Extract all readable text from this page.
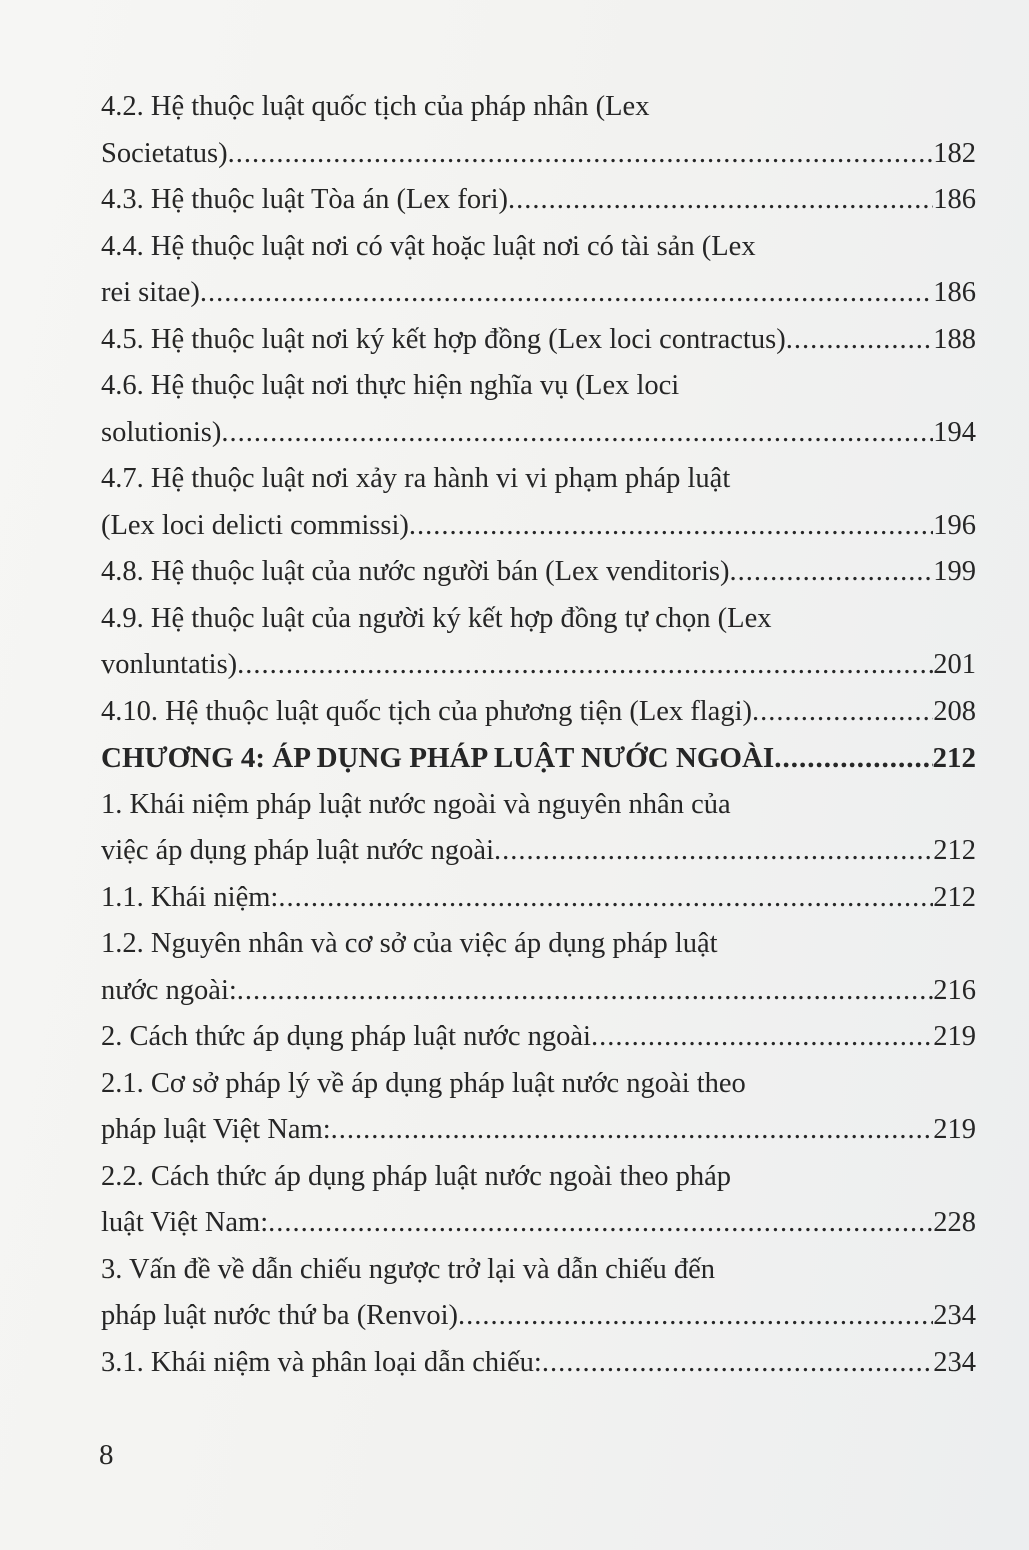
4.2. Hệ thuộc luật quốc tịch của pháp nhân (Lex
Societatus) .....	182
4.3. Hệ thuộc luật Tòa án (Lex fori) .....	186
4.4. Hệ thuộc luật nơi có vật hoặc luật nơi có tài sản (Lex
rei sitae) .....	186
4.5. Hệ thuộc luật nơi ký kết hợp đồng (Lex loci contractus) .....	188
4.6. Hệ thuộc luật nơi thực hiện nghĩa vụ (Lex loci
solutionis) .....	194
4.7. Hệ thuộc luật nơi xảy ra hành vi vi phạm pháp luật
(Lex loci delicti commissi) .....	196
4.8. Hệ thuộc luật của nước người bán (Lex venditoris) .....	199
4.9. Hệ thuộc luật của người ký kết hợp đồng tự chọn (Lex
vonluntatis) .....	201
4.10. Hệ thuộc luật quốc tịch của phương tiện (Lex flagi) .....	208
CHƯƠNG 4: ÁP DỤNG PHÁP LUẬT NƯỚC NGOÀI .....	212
1. Khái niệm pháp luật nước ngoài và nguyên nhân của
việc áp dụng pháp luật nước ngoài .....	212
1.1. Khái niệm: .....	212
1.2. Nguyên nhân và cơ sở của việc áp dụng pháp luật
nước ngoài: .....	216
2. Cách thức áp dụng pháp luật nước ngoài .....	219
2.1. Cơ sở pháp lý về áp dụng pháp luật nước ngoài theo
pháp luật Việt Nam: .....	219
2.2. Cách thức áp dụng pháp luật nước ngoài theo pháp
luật Việt Nam: .....	228
3. Vấn đề về dẫn chiếu ngược trở lại và dẫn chiếu đến
pháp luật nước thứ ba (Renvoi) .....	234
3.1. Khái niệm và phân loại dẫn chiếu: .....	234
8
